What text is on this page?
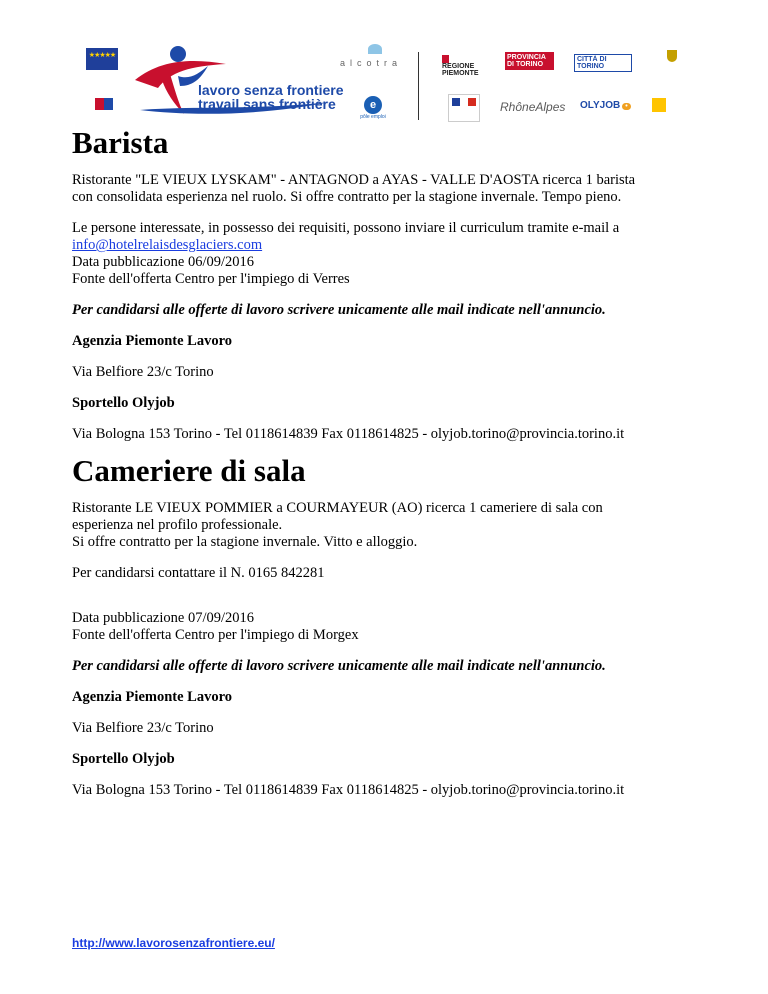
★★★★★
lavoro senza frontiere
travail sans frontière
alcotra	REGIONE PIEMONTE
PROVINCIA DI TORINO
CITTÀ DI TORINO
e
pôle emploi
RhôneAlpes OLYJOB •
Barista

Ristorante "LE VIEUX LYSKAM" - ANTAGNOD a AYAS - VALLE D'AOSTA ricerca 1 barista

con consolidata esperienza nel ruolo. Si offre contratto per la stagione invernale. Tempo pieno.

Le persone interessate, in possesso dei requisiti, possono inviare il curriculum tramite e-mail a

info@hotelrelaisdesglaciers.com

Data pubblicazione 06/09/2016

Fonte dell'offerta Centro per l'impiego di Verres

Per candidarsi alle offerte di lavoro scrivere unicamente alle mail indicate nell'annuncio.

Agenzia Piemonte Lavoro

Via Belfiore 23/c Torino

Sportello Olyjob

Via Bologna 153 Torino - Tel 0118614839 Fax 0118614825 - olyjob.torino@provincia.torino.it

Cameriere di sala

Ristorante LE VIEUX POMMIER a COURMAYEUR (AO) ricerca 1 cameriere di sala con

esperienza nel profilo professionale.

Si offre contratto per la stagione invernale. Vitto e alloggio.

Per candidarsi contattare il N. 0165 842281

Data pubblicazione 07/09/2016

Fonte dell'offerta Centro per l'impiego di Morgex

Per candidarsi alle offerte di lavoro scrivere unicamente alle mail indicate nell'annuncio.

Agenzia Piemonte Lavoro

Via Belfiore 23/c Torino

Sportello Olyjob

Via Bologna 153 Torino - Tel 0118614839 Fax 0118614825 - olyjob.torino@provincia.torino.it

http://www.lavorosenzafrontiere.eu/
